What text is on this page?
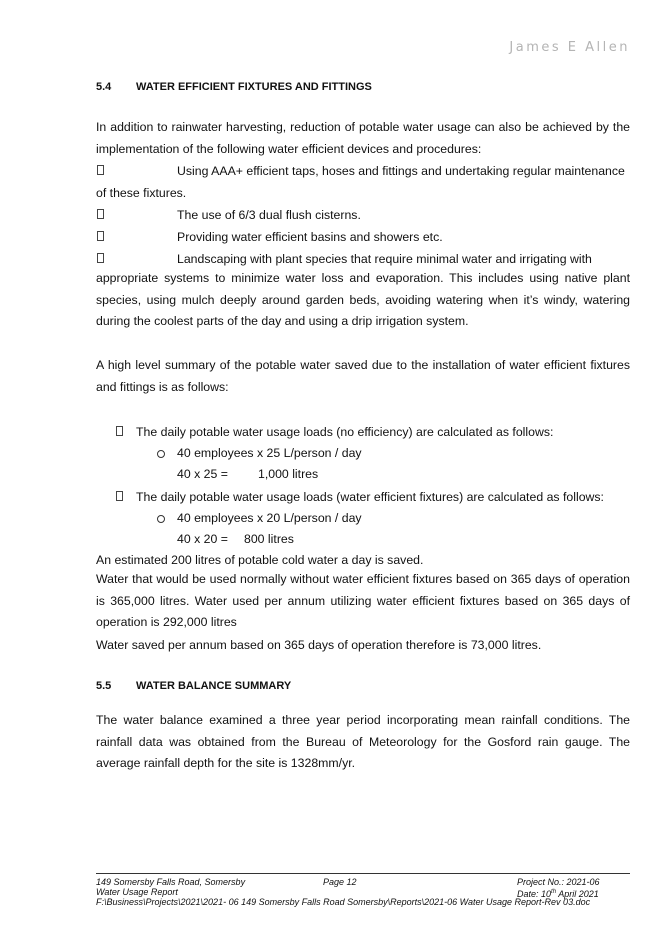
James E Allen
5.4 WATER EFFICIENT FIXTURES AND FITTINGS

In addition to rainwater harvesting, reduction of potable water usage can also be achieved by the implementation of the following water efficient devices and procedures:

Using AAA+ efficient taps, hoses and fittings and undertaking regular maintenance
of these fixtures.
The use of 6/3 dual flush cisterns.
Providing water efficient basins and showers etc.
Landscaping with plant species that require minimal water and irrigating with

appropriate systems to minimize water loss and evaporation. This includes using native plant species, using mulch deeply around garden beds, avoiding watering when it’s windy, watering during the coolest parts of the day and using a drip irrigation system.

A high level summary of the potable water saved due to the installation of water efficient fixtures and fittings is as follows:

The daily potable water usage loads (no efficiency) are calculated as follows:
40 employees x 25 L/person / day
40 x 25 = 1,000 litres
The daily potable water usage loads (water efficient fixtures) are calculated as follows:
40 employees x 20 L/person / day
40 x 20 = 800 litres
An estimated 200 litres of potable cold water a day is saved.

Water that would be used normally without water efficient fixtures based on 365 days of operation is 365,000 litres. Water used per annum utilizing water efficient fixtures based on 365 days of operation is 292,000 litres

Water saved per annum based on 365 days of operation therefore is 73,000 litres.
5.5 WATER BALANCE SUMMARY

The water balance examined a three year period incorporating mean rainfall conditions. The rainfall data was obtained from the Bureau of Meteorology for the Gosford rain gauge. The average rainfall depth for the site is 1328mm/yr.

149 Somersby Falls Road, Somersby	Page 12	Project No.: 2021-06
Water Usage Report	Date: 10th April 2021
F:\Business\Projects\2021\2021- 06 149 Somersby Falls Road Somersby\Reports\2021-06 Water Usage Report-Rev 03.doc
